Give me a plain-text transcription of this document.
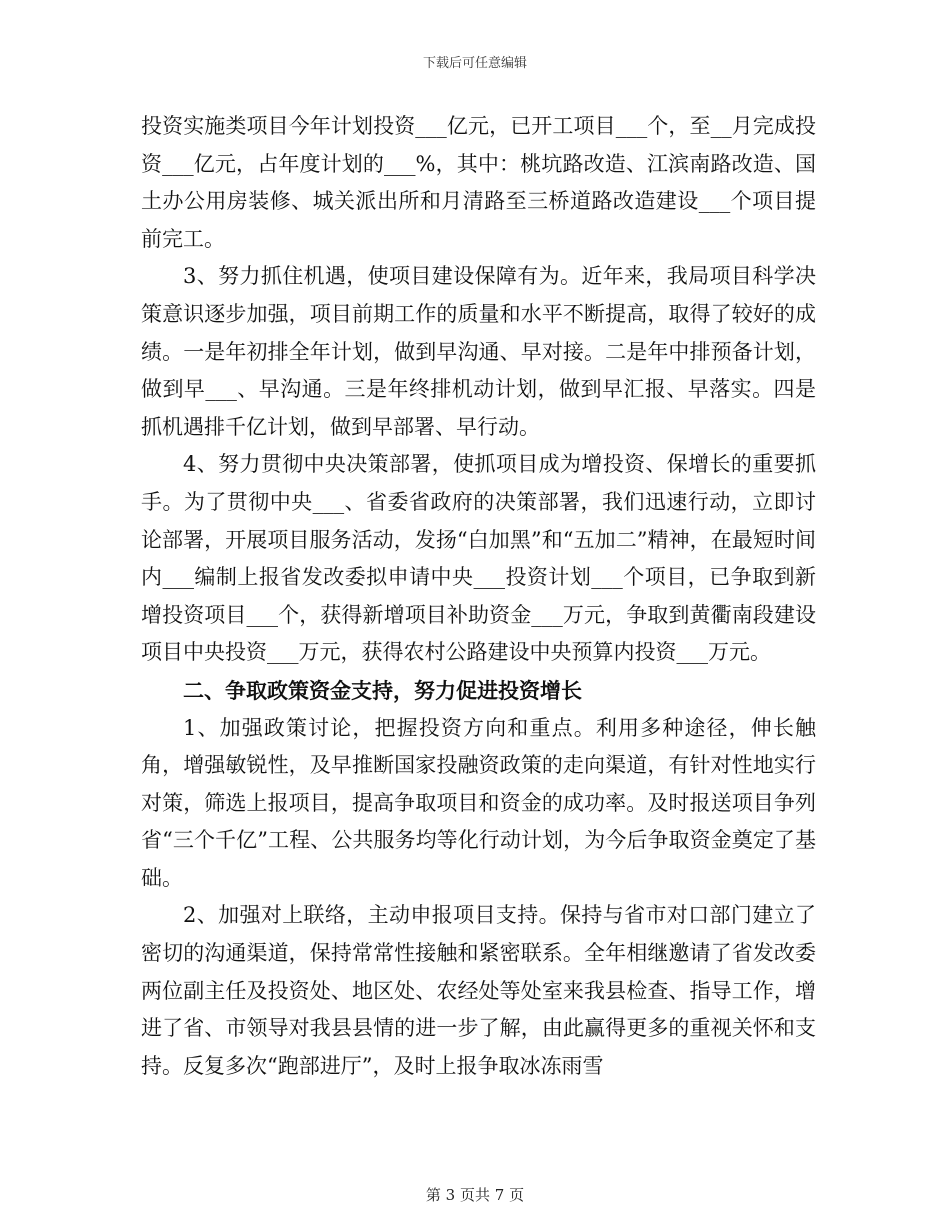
下载后可任意编辑

投资实施类项目今年计划投资___亿元，已开工项目___个，至__月完成投资___亿元，占年度计划的___%，其中：桃坑路改造、江滨南路改造、国土办公用房装修、城关派出所和月清路至三桥道路改造建设___个项目提前完工。

3、努力抓住机遇，使项目建设保障有为。近年来，我局项目科学决策意识逐步加强，项目前期工作的质量和水平不断提高，取得了较好的成绩。一是年初排全年计划，做到早沟通、早对接。二是年中排预备计划，做到早___、早沟通。三是年终排机动计划，做到早汇报、早落实。四是抓机遇排千亿计划，做到早部署、早行动。

4、努力贯彻中央决策部署，使抓项目成为增投资、保增长的重要抓手。为了贯彻中央___、省委省政府的决策部署，我们迅速行动，立即讨论部署，开展项目服务活动，发扬“白加黑”和“五加二”精神，在最短时间内___编制上报省发改委拟申请中央___投资计划___个项目，已争取到新增投资项目___个，获得新增项目补助资金___万元，争取到黄衢南段建设项目中央投资___万元，获得农村公路建设中央预算内投资___万元。

二、争取政策资金支持，努力促进投资增长

1、加强政策讨论，把握投资方向和重点。利用多种途径，伸长触角，增强敏锐性，及早推断国家投融资政策的走向渠道，有针对性地实行对策，筛选上报项目，提高争取项目和资金的成功率。及时报送项目争列省“三个千亿”工程、公共服务均等化行动计划，为今后争取资金奠定了基础。

2、加强对上联络，主动申报项目支持。保持与省市对口部门建立了密切的沟通渠道，保持常常性接触和紧密联系。全年相继邀请了省发改委两位副主任及投资处、地区处、农经处等处室来我县检查、指导工作，增进了省、市领导对我县县情的进一步了解，由此赢得更多的重视关怀和支持。反复多次“跑部进厅”，及时上报争取冰冻雨雪

第 3 页共 7 页
